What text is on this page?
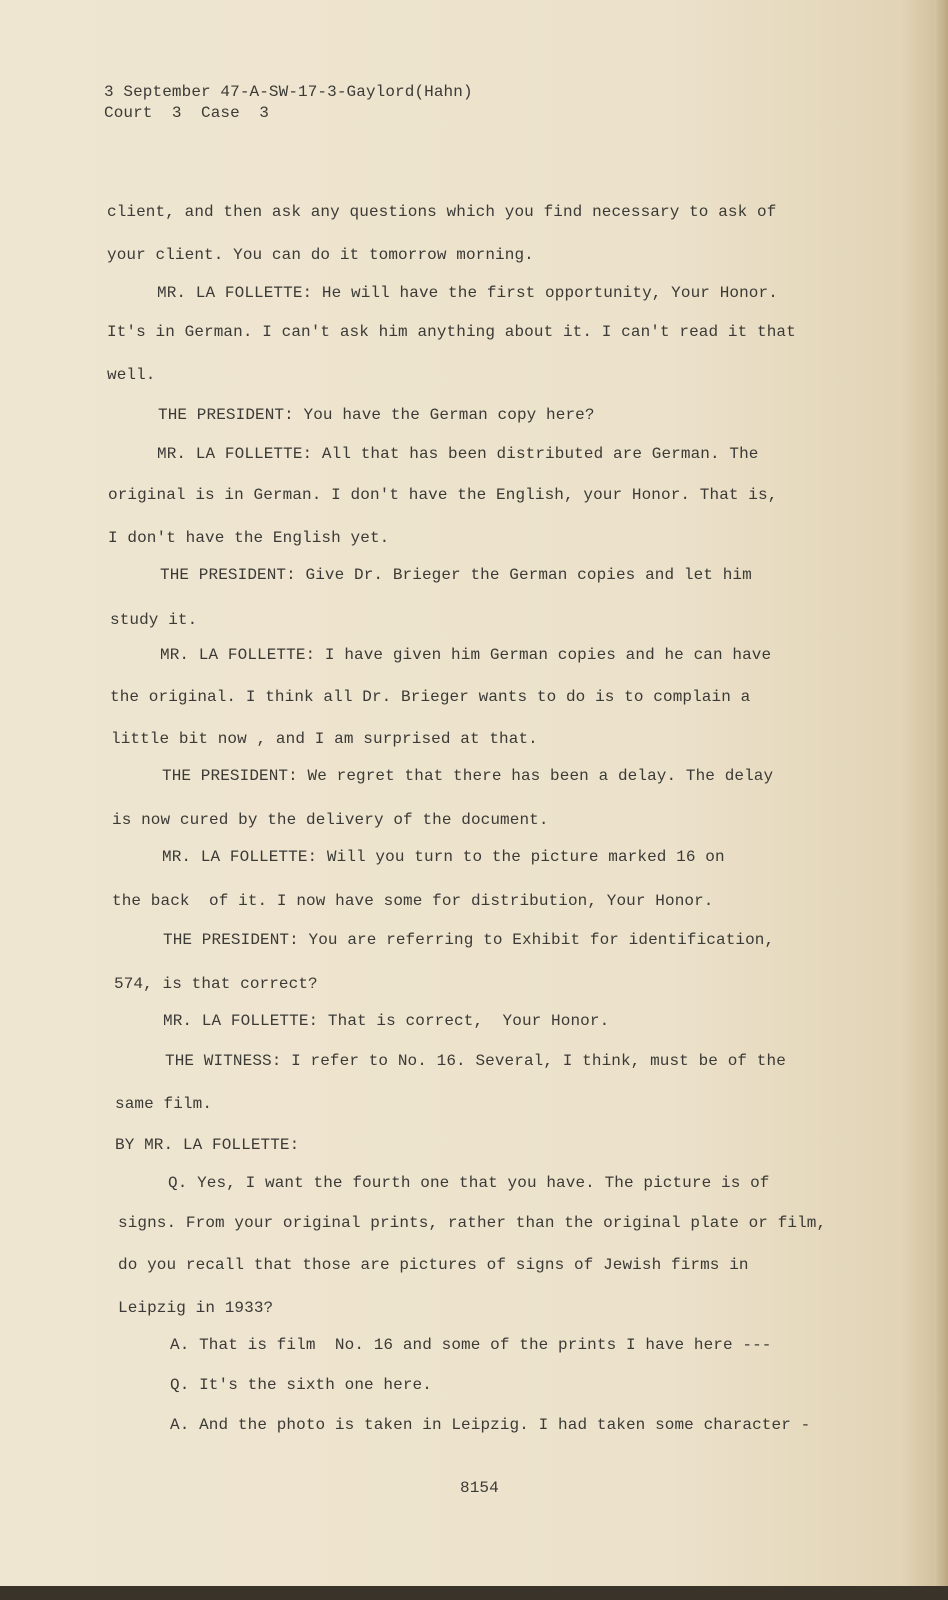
3 September 47-A-SW-17-3-Gaylord(Hahn)
Court  3  Case  3
client, and then ask any questions which you find necessary to ask of
your client. You can do it tomorrow morning.
MR. LA FOLLETTE: He will have the first opportunity, Your Honor.
It's in German. I can't ask him anything about it. I can't read it that
well.
THE PRESIDENT: You have the German copy here?
MR. LA FOLLETTE: All that has been distributed are German. The
original is in German. I don't have the English, your Honor. That is,
I don't have the English yet.
THE PRESIDENT: Give Dr. Brieger the German copies and let him
study it.
MR. LA FOLLETTE: I have given him German copies and he can have
the original. I think all Dr. Brieger wants to do is to complain a
little bit now , and I am surprised at that.
THE PRESIDENT: We regret that there has been a delay. The delay
is now cured by the delivery of the document.
MR. LA FOLLETTE: Will you turn to the picture marked 16 on
the back  of it. I now have some for distribution, Your Honor.
THE PRESIDENT: You are referring to Exhibit for identification,
574, is that correct?
MR. LA FOLLETTE: That is correct,  Your Honor.
THE WITNESS: I refer to No. 16. Several, I think, must be of the
same film.
BY MR. LA FOLLETTE:
Q. Yes, I want the fourth one that you have. The picture is of
signs. From your original prints, rather than the original plate or film,
do you recall that those are pictures of signs of Jewish firms in
Leipzig in 1933?
A. That is film  No. 16 and some of the prints I have here ---
Q. It's the sixth one here.
A. And the photo is taken in Leipzig. I had taken some character -
8154
